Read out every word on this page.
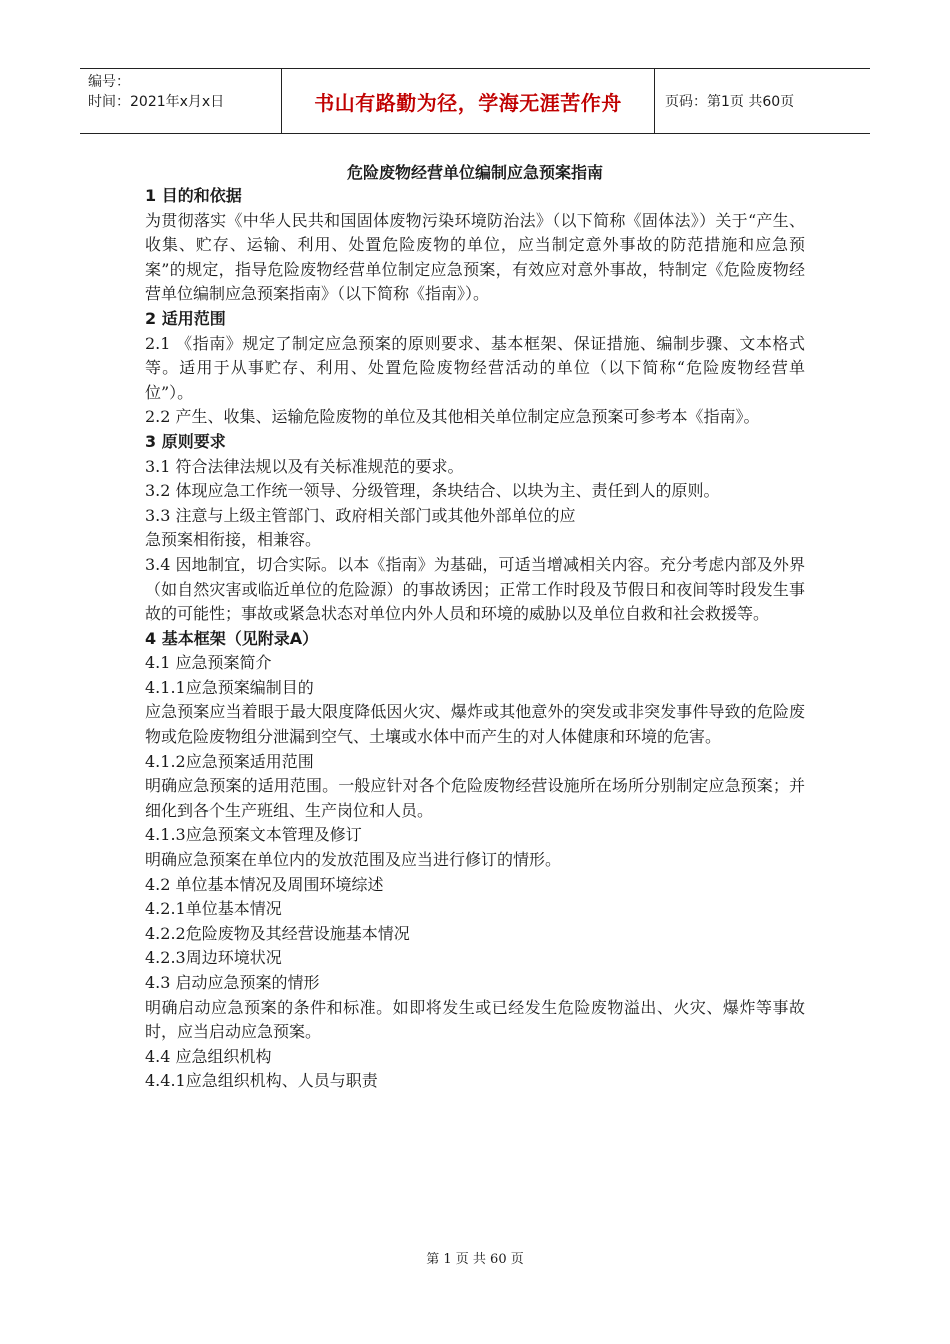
编号：
时间：2021年x月x日	书山有路勤为径，学海无涯苦作舟	页码：第1页 共60页
危险废物经营单位编制应急预案指南

1 目的和依据

为贯彻落实《中华人民共和国固体废物污染环境防治法》（以下简称《固体法》）关于“产生、收集、贮存、运输、利用、处置危险废物的单位，应当制定意外事故的防范措施和应急预案”的规定，指导危险废物经营单位制定应急预案，有效应对意外事故，特制定《危险废物经营单位编制应急预案指南》（以下简称《指南》）。

2 适用范围

2.1 《指南》规定了制定应急预案的原则要求、基本框架、保证措施、编制步骤、文本格式等。适用于从事贮存、利用、处置危险废物经营活动的单位（以下简称“危险废物经营单位”）。

2.2 产生、收集、运输危险废物的单位及其他相关单位制定应急预案可参考本《指南》。

3 原则要求

3.1 符合法律法规以及有关标准规范的要求。

3.2 体现应急工作统一领导、分级管理，条块结合、以块为主、责任到人的原则。

3.3 注意与上级主管部门、政府相关部门或其他外部单位的应

急预案相衔接，相兼容。

3.4 因地制宜，切合实际。以本《指南》为基础，可适当增减相关内容。充分考虑内部及外界（如自然灾害或临近单位的危险源）的事故诱因；正常工作时段及节假日和夜间等时段发生事故的可能性；事故或紧急状态对单位内外人员和环境的威胁以及单位自救和社会救援等。

4 基本框架（见附录A）

4.1 应急预案简介

4.1.1应急预案编制目的

应急预案应当着眼于最大限度降低因火灾、爆炸或其他意外的突发或非突发事件导致的危险废物或危险废物组分泄漏到空气、土壤或水体中而产生的对人体健康和环境的危害。

4.1.2应急预案适用范围

明确应急预案的适用范围。一般应针对各个危险废物经营设施所在场所分别制定应急预案；并细化到各个生产班组、生产岗位和人员。

4.1.3应急预案文本管理及修订

明确应急预案在单位内的发放范围及应当进行修订的情形。

4.2 单位基本情况及周围环境综述

4.2.1单位基本情况

4.2.2危险废物及其经营设施基本情况

4.2.3周边环境状况

4.3 启动应急预案的情形

明确启动应急预案的条件和标准。如即将发生或已经发生危险废物溢出、火灾、爆炸等事故时，应当启动应急预案。

4.4 应急组织机构

4.4.1应急组织机构、人员与职责

第 1 页 共 60 页
